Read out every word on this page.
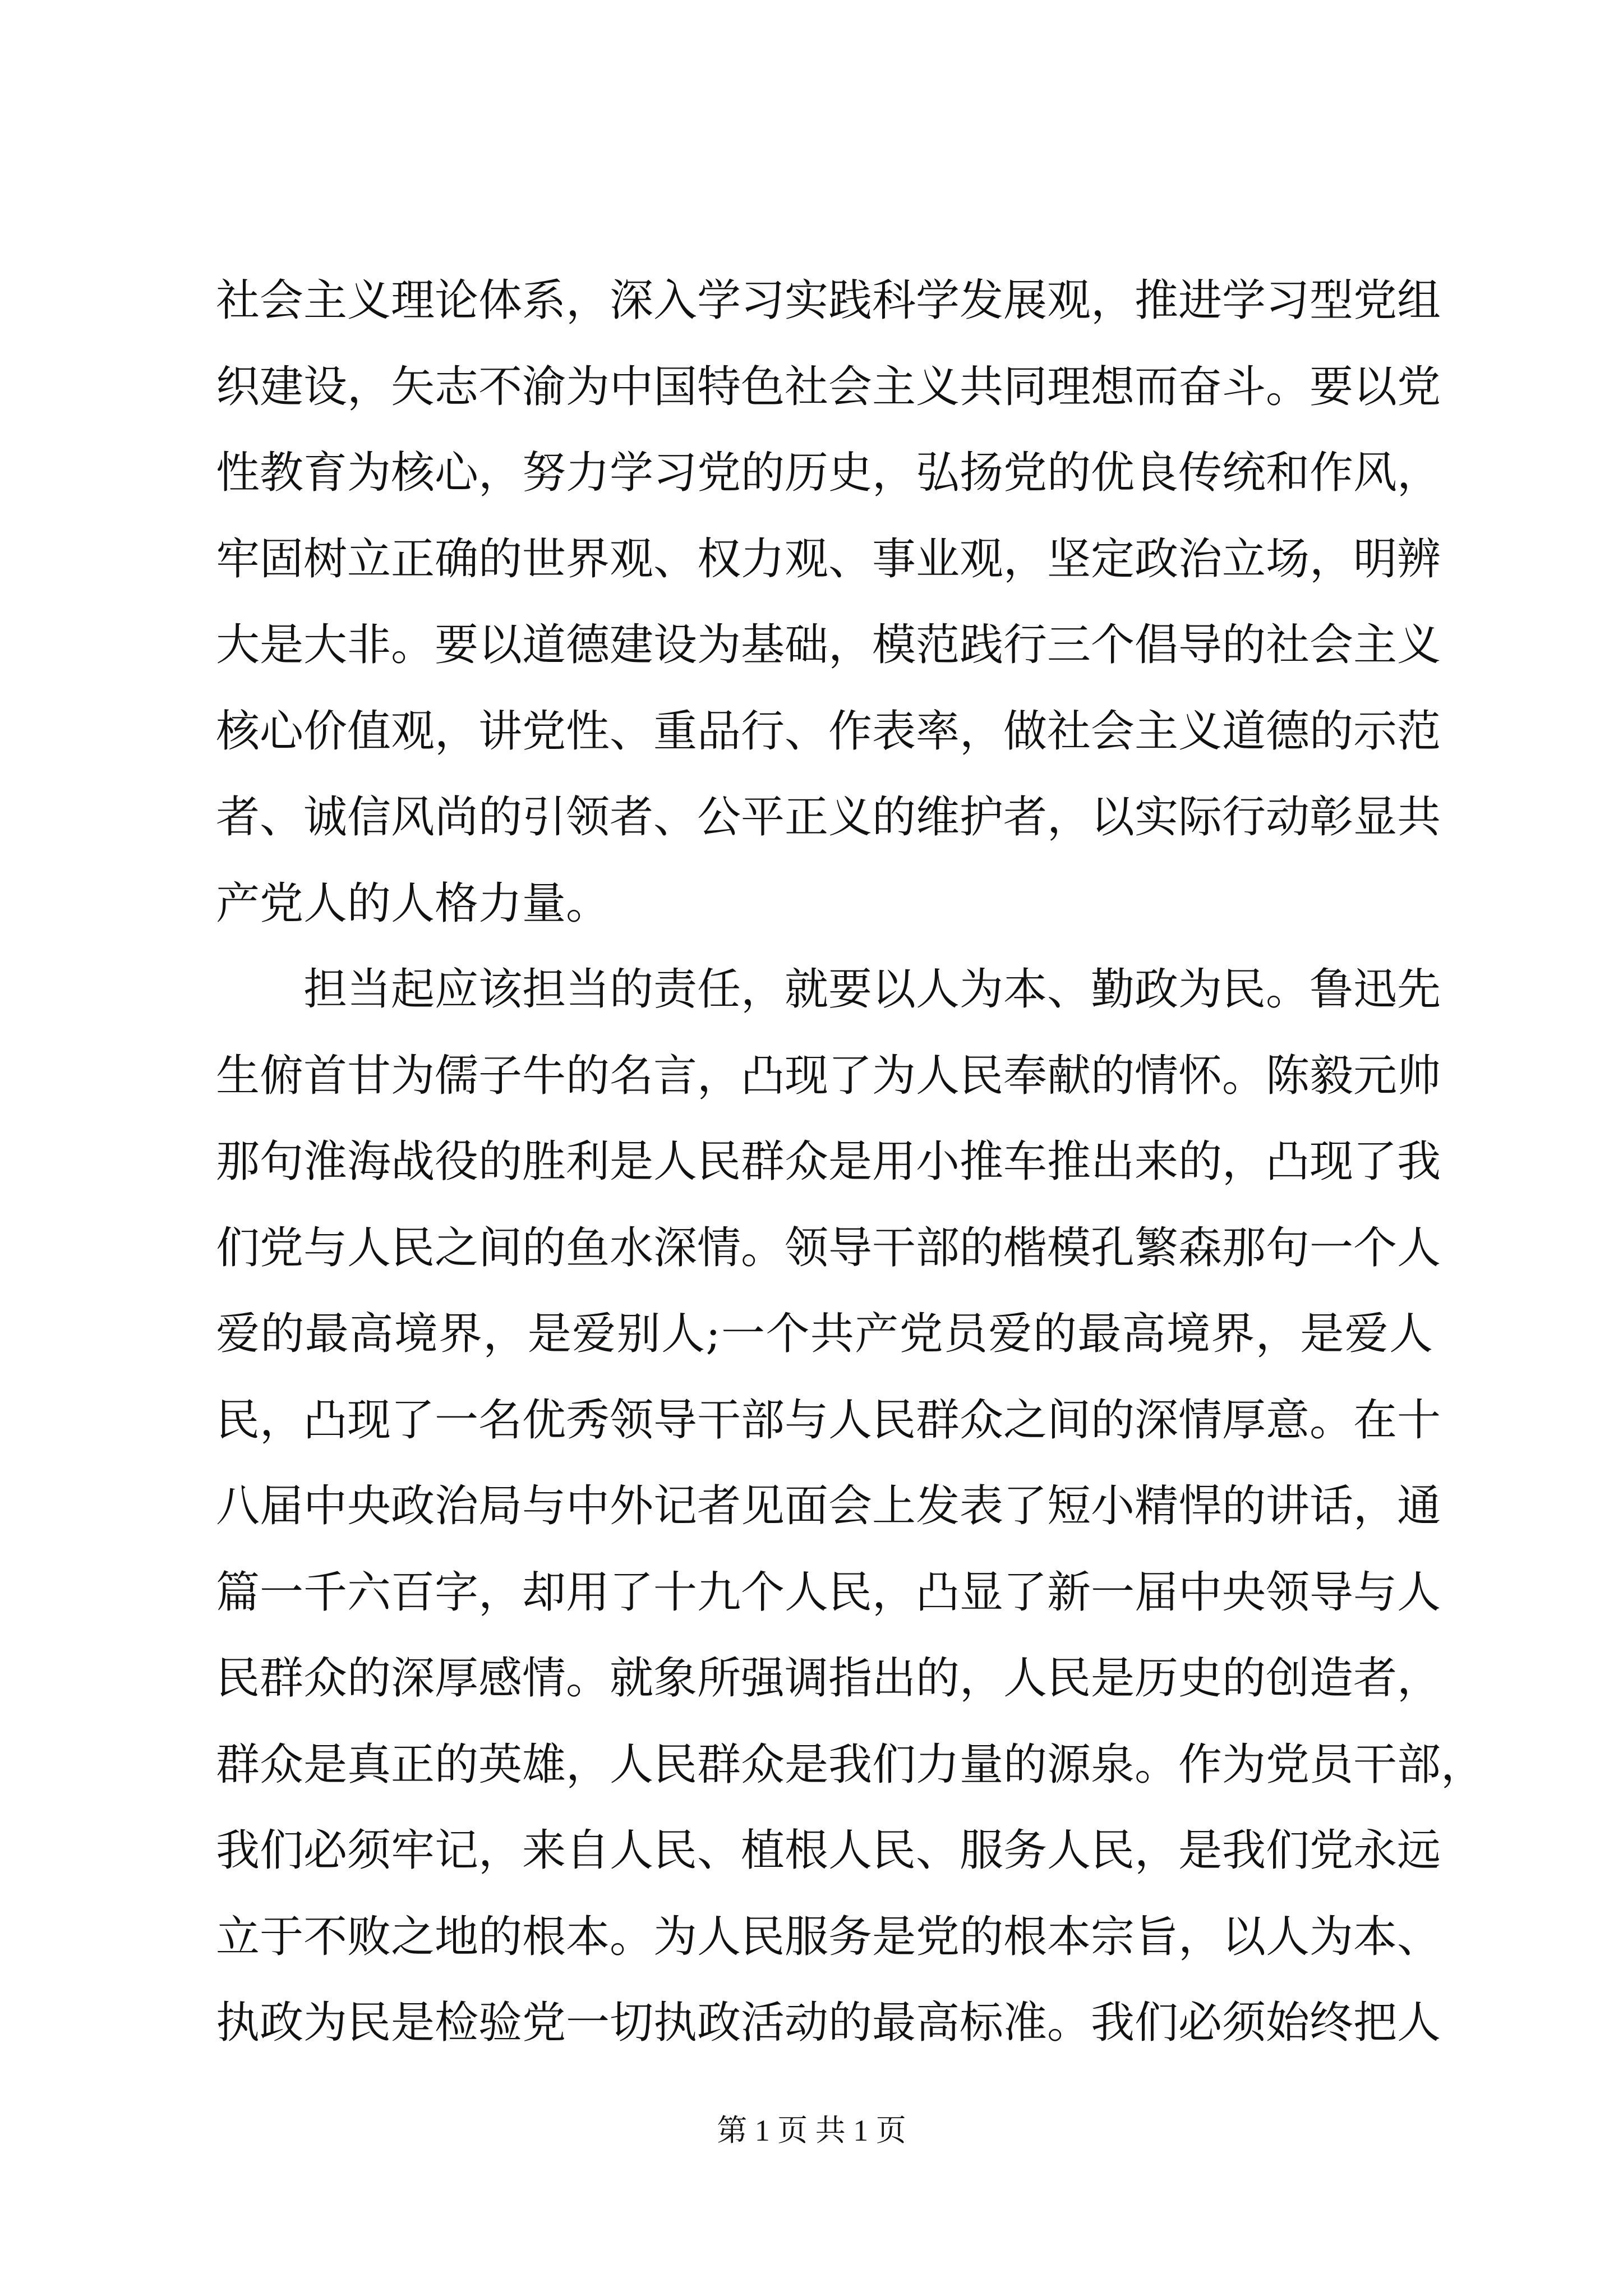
社会主义理论体系，深入学习实践科学发展观，推进学习型党组
织建设，矢志不渝为中国特色社会主义共同理想而奋斗。要以党
性教育为核心，努力学习党的历史，弘扬党的优良传统和作风，
牢固树立正确的世界观、权力观、事业观，坚定政治立场，明辨
大是大非。要以道德建设为基础，模范践行三个倡导的社会主义
核心价值观，讲党性、重品行、作表率，做社会主义道德的示范
者、诚信风尚的引领者、公平正义的维护者，以实际行动彰显共
产党人的人格力量。
　　担当起应该担当的责任，就要以人为本、勤政为民。鲁迅先
生俯首甘为儒子牛的名言，凸现了为人民奉献的情怀。陈毅元帅
那句淮海战役的胜利是人民群众是用小推车推出来的，凸现了我
们党与人民之间的鱼水深情。领导干部的楷模孔繁森那句一个人
爱的最高境界，是爱别人;一个共产党员爱的最高境界，是爱人
民，凸现了一名优秀领导干部与人民群众之间的深情厚意。在十
八届中央政治局与中外记者见面会上发表了短小精悍的讲话，通
篇一千六百字，却用了十九个人民，凸显了新一届中央领导与人
民群众的深厚感情。就象所强调指出的，人民是历史的创造者，
群众是真正的英雄，人民群众是我们力量的源泉。作为党员干部，
我们必须牢记，来自人民、植根人民、服务人民，是我们党永远
立于不败之地的根本。为人民服务是党的根本宗旨，以人为本、
执政为民是检验党一切执政活动的最高标准。我们必须始终把人
第 1 页 共 1 页
